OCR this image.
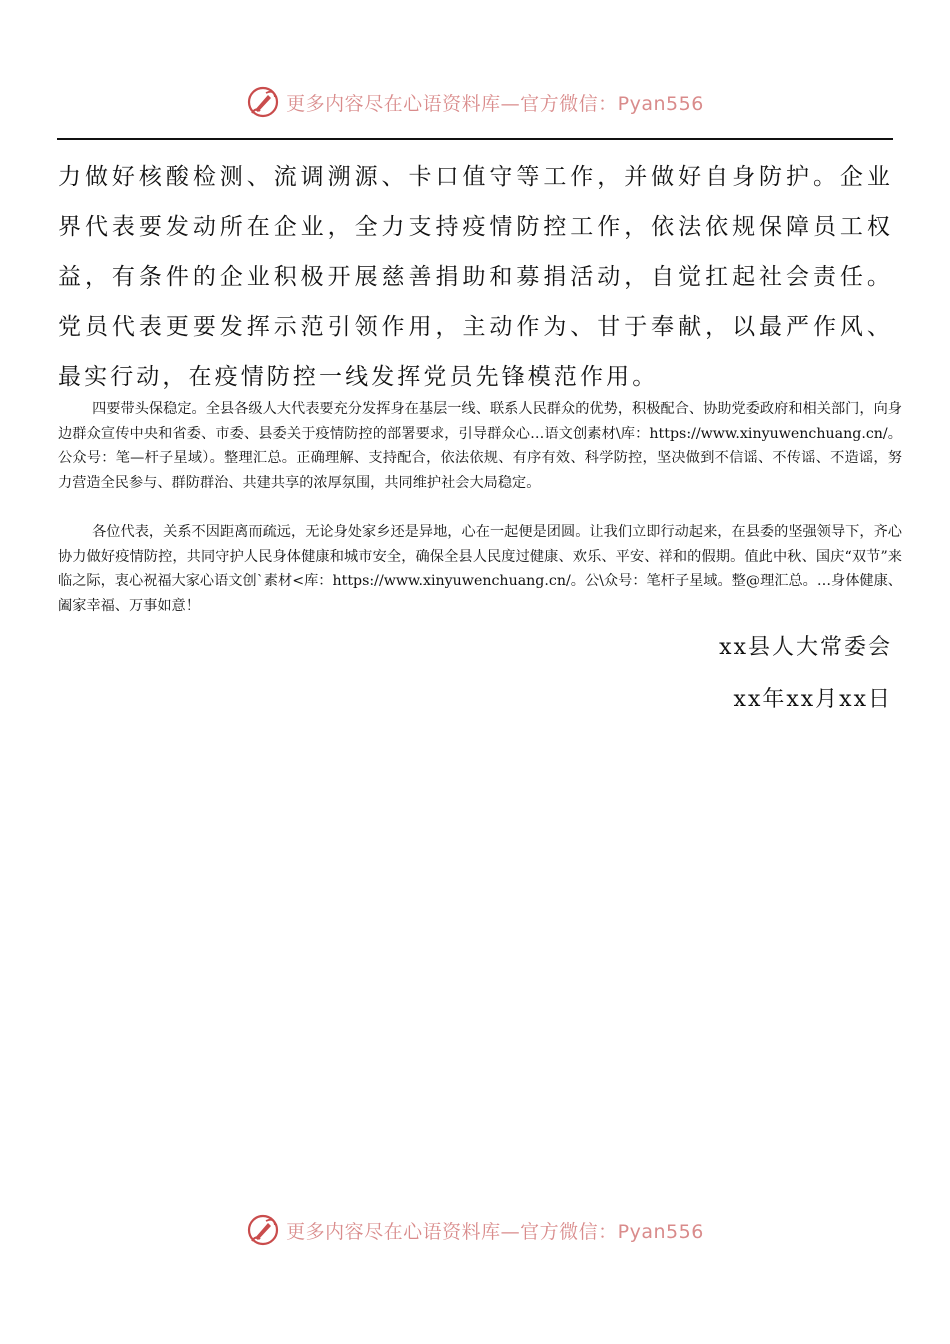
更多内容尽在心语资料库—官方微信：Pyan556

力做好核酸检测、流调溯源、卡口值守等工作，并做好自身防护。企业界代表要发动所在企业，全力支持疫情防控工作，依法依规保障员工权益，有条件的企业积极开展慈善捐助和募捐活动，自觉扛起社会责任。党员代表更要发挥示范引领作用，主动作为、甘于奉献，以最严作风、最实行动，在疫情防控一线发挥党员先锋模范作用。

四要带头保稳定。全县各级人大代表要充分发挥身在基层一线、联系人民群众的优势，积极配合、协助党委政府和相关部门，向身边群众宣传中央和省委、市委、县委关于疫情防控的部署要求，引导群众心…语文创素材\库：https://www.xinyuwenchuang.cn/。公众号：笔—杆子星域）。整理汇总。正确理解、支持配合，依法依规、有序有效、科学防控，坚决做到不信谣、不传谣、不造谣，努力营造全民参与、群防群治、共建共享的浓厚氛围，共同维护社会大局稳定。

各位代表，关系不因距离而疏远，无论身处家乡还是异地，心在一起便是团圆。让我们立即行动起来，在县委的坚强领导下，齐心协力做好疫情防控，共同守护人民身体健康和城市安全，确保全县人民度过健康、欢乐、平安、祥和的假期。值此中秋、国庆“双节”来临之际，衷心祝福大家心语文创`素材<库：https://www.xinyuwenchuang.cn/。公\众号：笔杆子星域。整@理汇总。…身体健康、阖家幸福、万事如意！

xx县人大常委会
xx年xx月xx日
更多内容尽在心语资料库—官方微信：Pyan556
